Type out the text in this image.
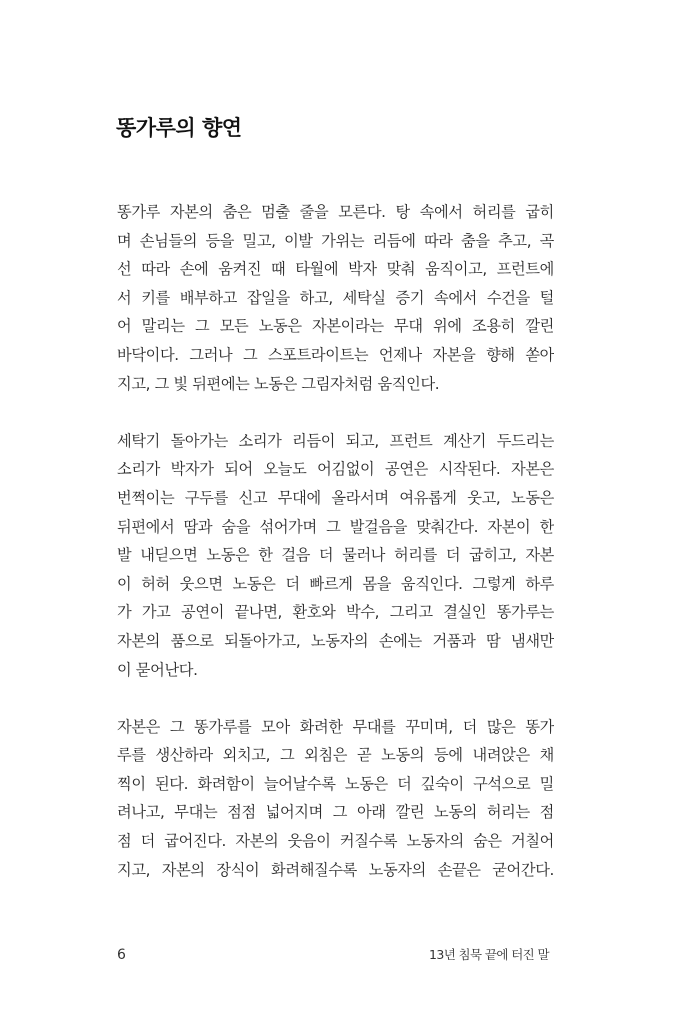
똥가루의 향연

똥가루 자본의 춤은 멈출 줄을 모른다. 탕 속에서 허리를 굽히
며 손님들의 등을 밀고, 이발 가위는 리듬에 따라 춤을 추고, 곡
선 따라 손에 움켜진 때 타월에 박자 맞춰 움직이고, 프런트에
서 키를 배부하고 잡일을 하고, 세탁실 증기 속에서 수건을 털
어 말리는 그 모든 노동은 자본이라는 무대 위에 조용히 깔린
바닥이다. 그러나 그 스포트라이트는 언제나 자본을 향해 쏟아
지고, 그 빛 뒤편에는 노동은 그림자처럼 움직인다.

세탁기 돌아가는 소리가 리듬이 되고, 프런트 계산기 두드리는
소리가 박자가 되어 오늘도 어김없이 공연은 시작된다. 자본은
번쩍이는 구두를 신고 무대에 올라서며 여유롭게 웃고, 노동은
뒤편에서 땀과 숨을 섞어가며 그 발걸음을 맞춰간다. 자본이 한
발 내딛으면 노동은 한 걸음 더 물러나 허리를 더 굽히고, 자본
이 허허 웃으면 노동은 더 빠르게 몸을 움직인다. 그렇게 하루
가 가고 공연이 끝나면, 환호와 박수, 그리고 결실인 똥가루는
자본의 품으로 되돌아가고, 노동자의 손에는 거품과 땀 냄새만
이 묻어난다.

자본은 그 똥가루를 모아 화려한 무대를 꾸미며, 더 많은 똥가
루를 생산하라 외치고, 그 외침은 곧 노동의 등에 내려앉은 채
찍이 된다. 화려함이 늘어날수록 노동은 더 깊숙이 구석으로 밀
려나고, 무대는 점점 넓어지며 그 아래 깔린 노동의 허리는 점
점 더 굽어진다. 자본의 웃음이 커질수록 노동자의 숨은 거칠어
지고, 자본의 장식이 화려해질수록 노동자의 손끝은 굳어간다.

6	13년 침묵 끝에 터진 말
